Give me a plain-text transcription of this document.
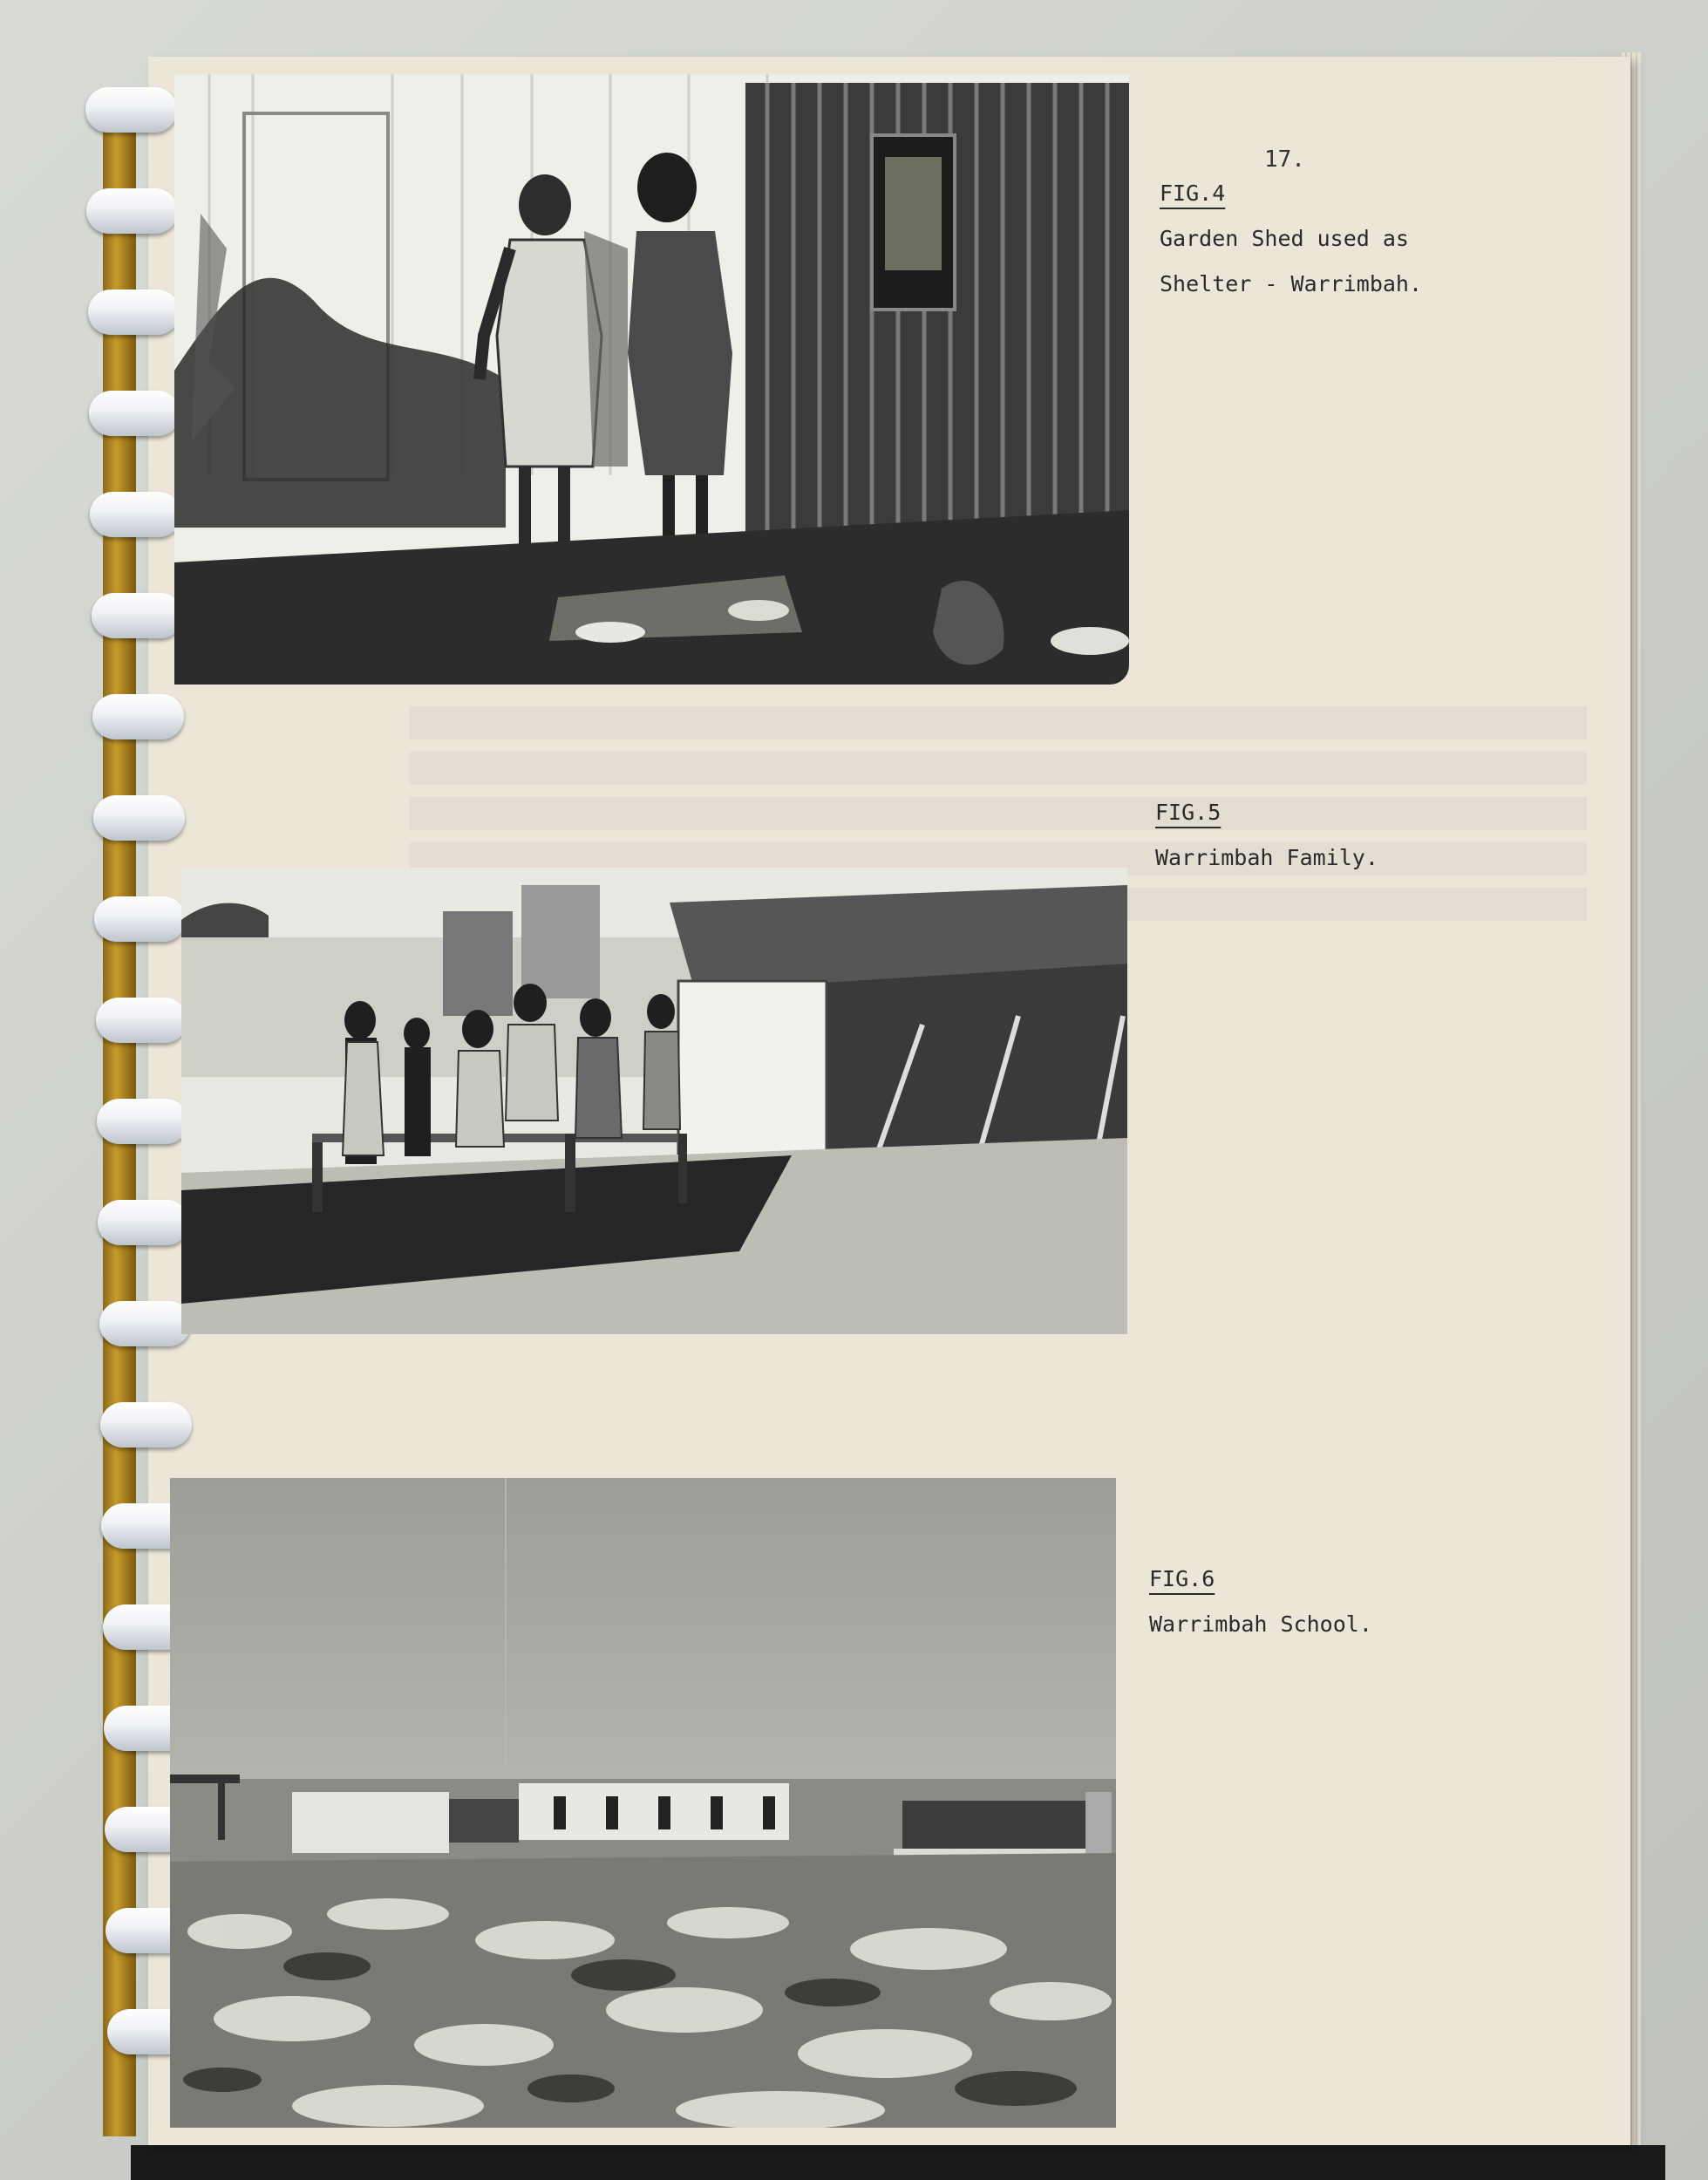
17.
FIG.4
Garden Shed used as
Shelter - Warrimbah.
FIG.5
Warrimbah Family.
FIG.6
Warrimbah School.
